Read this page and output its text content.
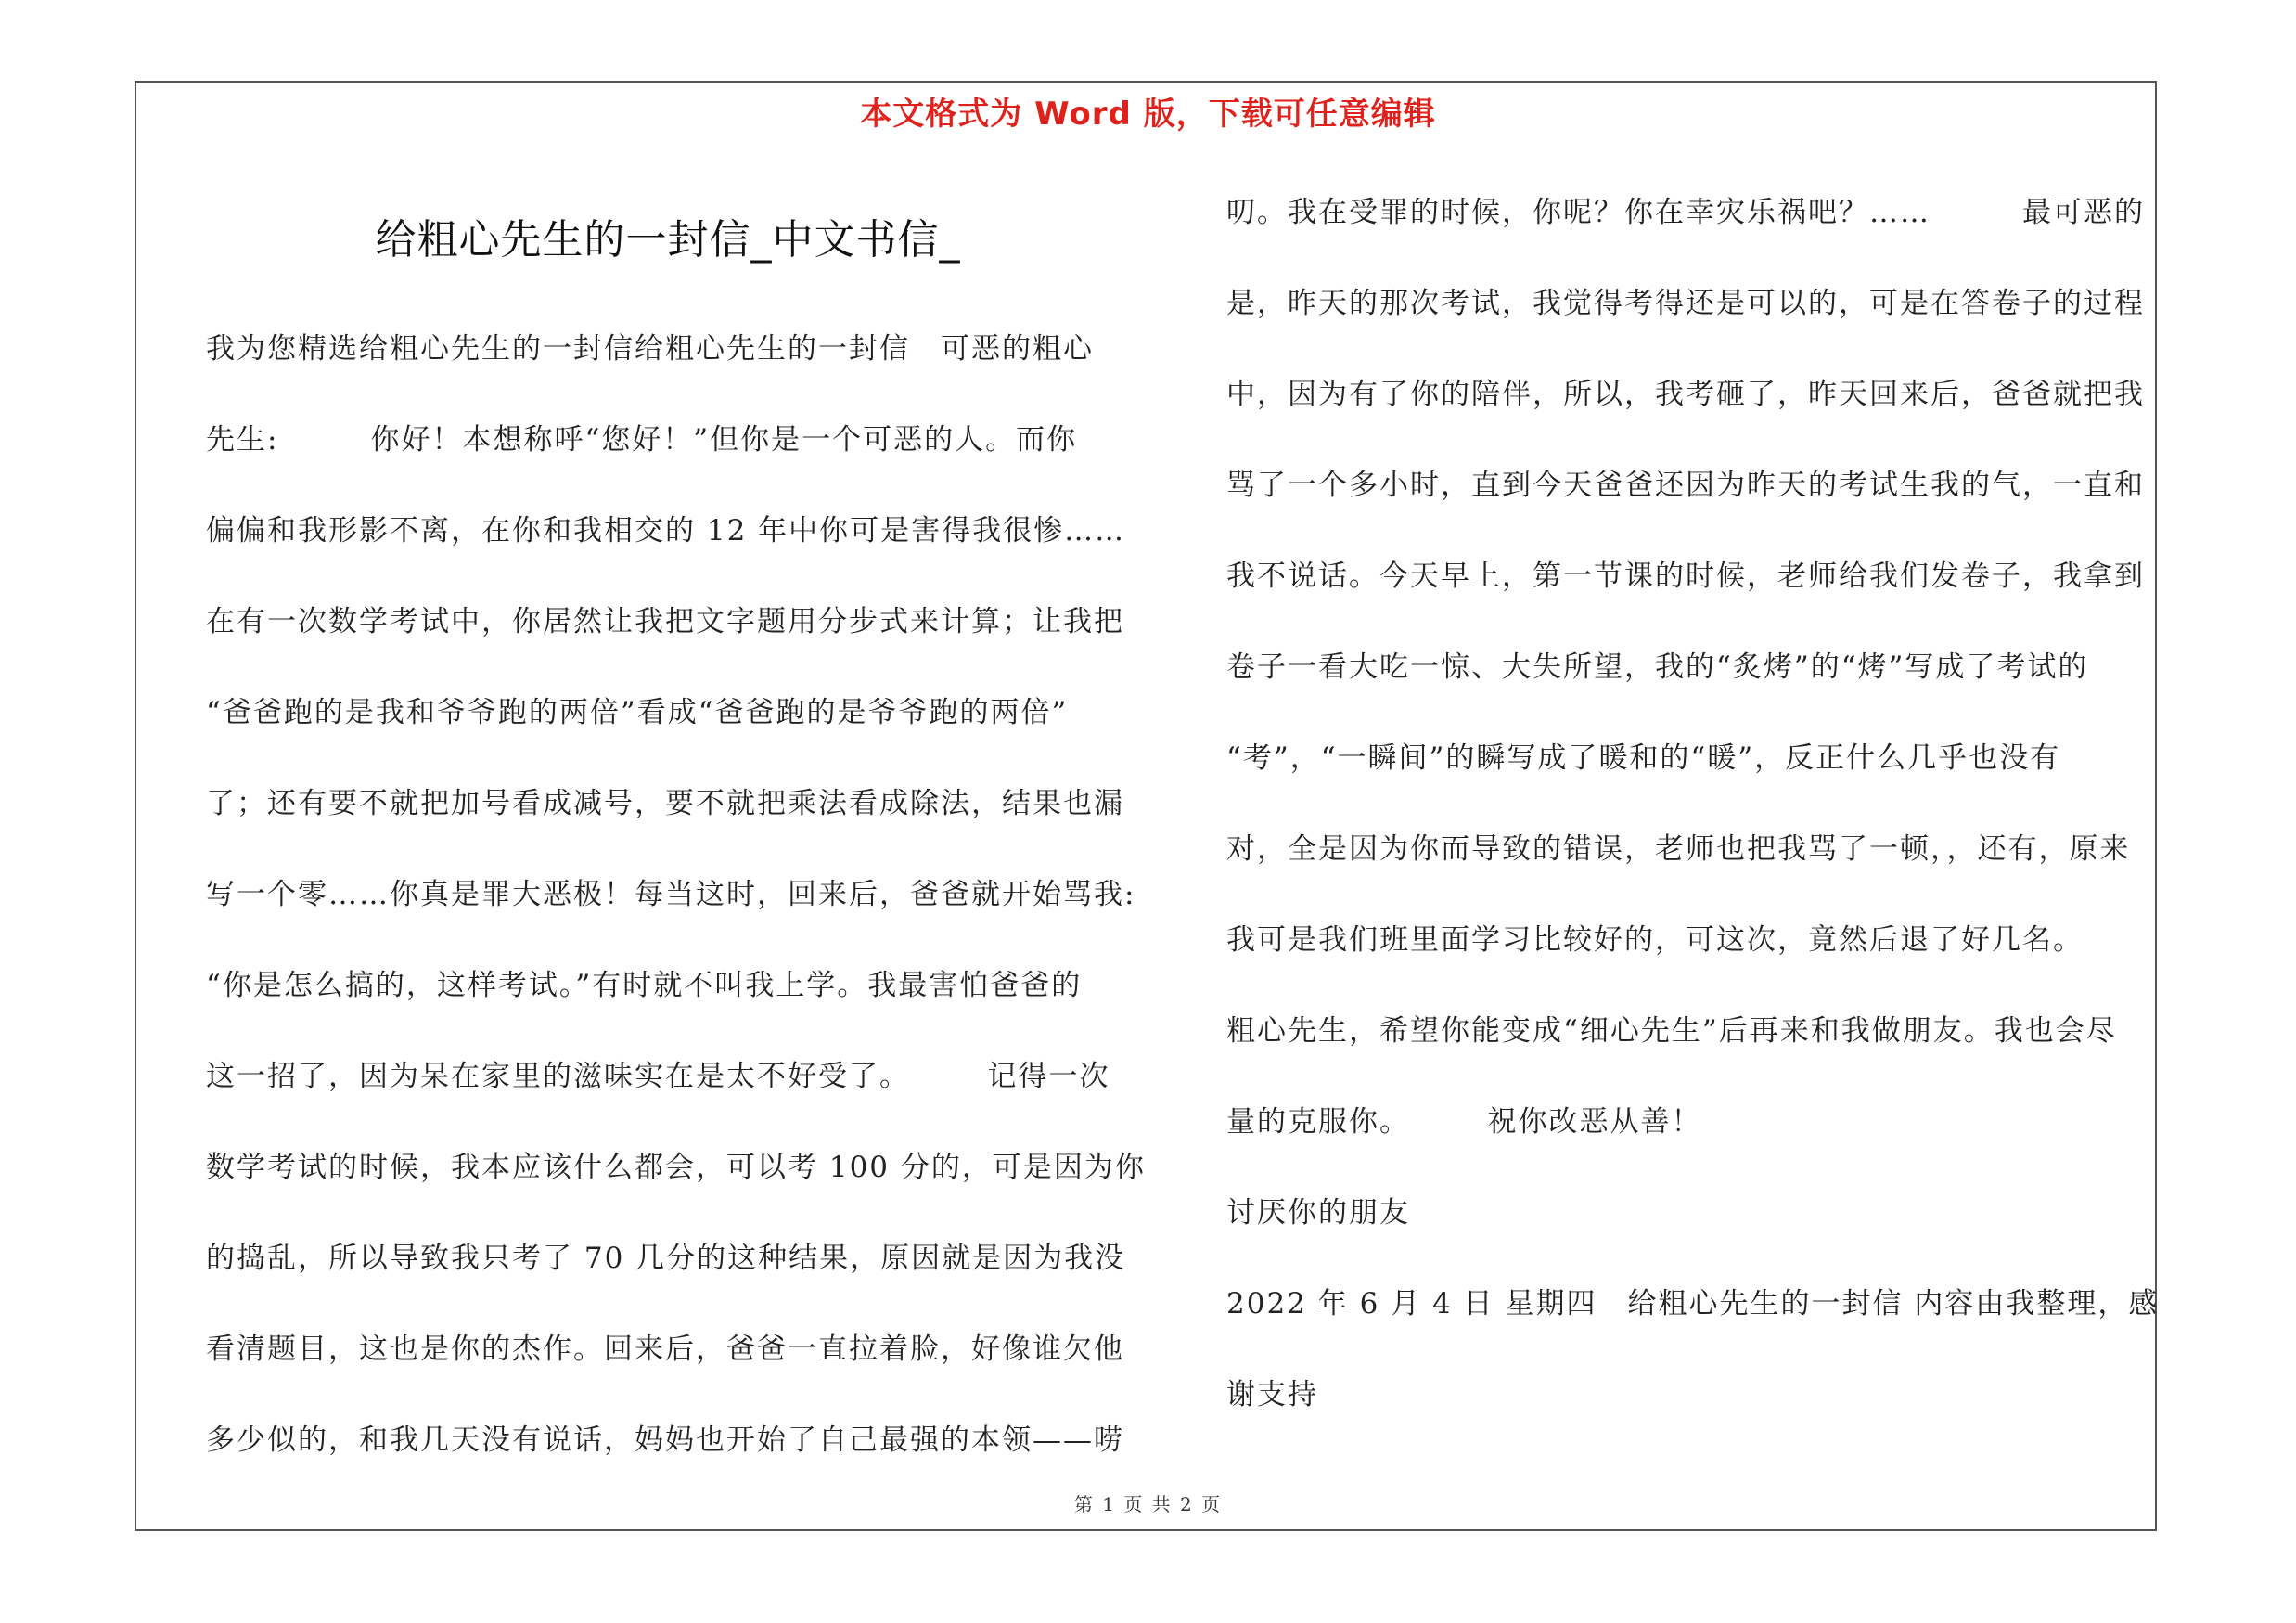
本文格式为 Word 版，下载可任意编辑
给粗心先生的一封信_中文书信_

我为您精选给粗心先生的一封信给粗心先生的一封信　可恶的粗心

先生:　　　你好！本想称呼“您好！”但你是一个可恶的人。而你

偏偏和我形影不离，在你和我相交的 12 年中你可是害得我很惨……

在有一次数学考试中，你居然让我把文字题用分步式来计算；让我把

“爸爸跑的是我和爷爷跑的两倍”看成“爸爸跑的是爷爷跑的两倍”

了；还有要不就把加号看成减号，要不就把乘法看成除法，结果也漏

写一个零……你真是罪大恶极！每当这时，回来后，爸爸就开始骂我:

“你是怎么搞的，这样考试。”有时就不叫我上学。我最害怕爸爸的

这一招了，因为呆在家里的滋味实在是太不好受了。　　　记得一次

数学考试的时候，我本应该什么都会，可以考 100 分的，可是因为你

的捣乱，所以导致我只考了 70 几分的这种结果，原因就是因为我没

看清题目，这也是你的杰作。回来后，爸爸一直拉着脸，好像谁欠他

多少似的，和我几天没有说话，妈妈也开始了自己最强的本领——唠

叨。我在受罪的时候，你呢？你在幸灾乐祸吧？……　　　最可恶的

是，昨天的那次考试，我觉得考得还是可以的，可是在答卷子的过程

中，因为有了你的陪伴，所以，我考砸了，昨天回来后，爸爸就把我

骂了一个多小时，直到今天爸爸还因为昨天的考试生我的气，一直和

我不说话。今天早上，第一节课的时候，老师给我们发卷子，我拿到

卷子一看大吃一惊、大失所望，我的“炙烤”的“烤”写成了考试的

“考”，“一瞬间”的瞬写成了暖和的“暖”，反正什么几乎也没有

对，全是因为你而导致的错误，老师也把我骂了一顿，，还有，原来

我可是我们班里面学习比较好的，可这次，竟然后退了好几名。

粗心先生，希望你能变成“细心先生”后再来和我做朋友。我也会尽

量的克服你。　　　祝你改恶从善！

讨厌你的朋友

2022 年 6 月 4 日 星期四　给粗心先生的一封信 内容由我整理，感

谢支持

第 1 页 共 2 页
